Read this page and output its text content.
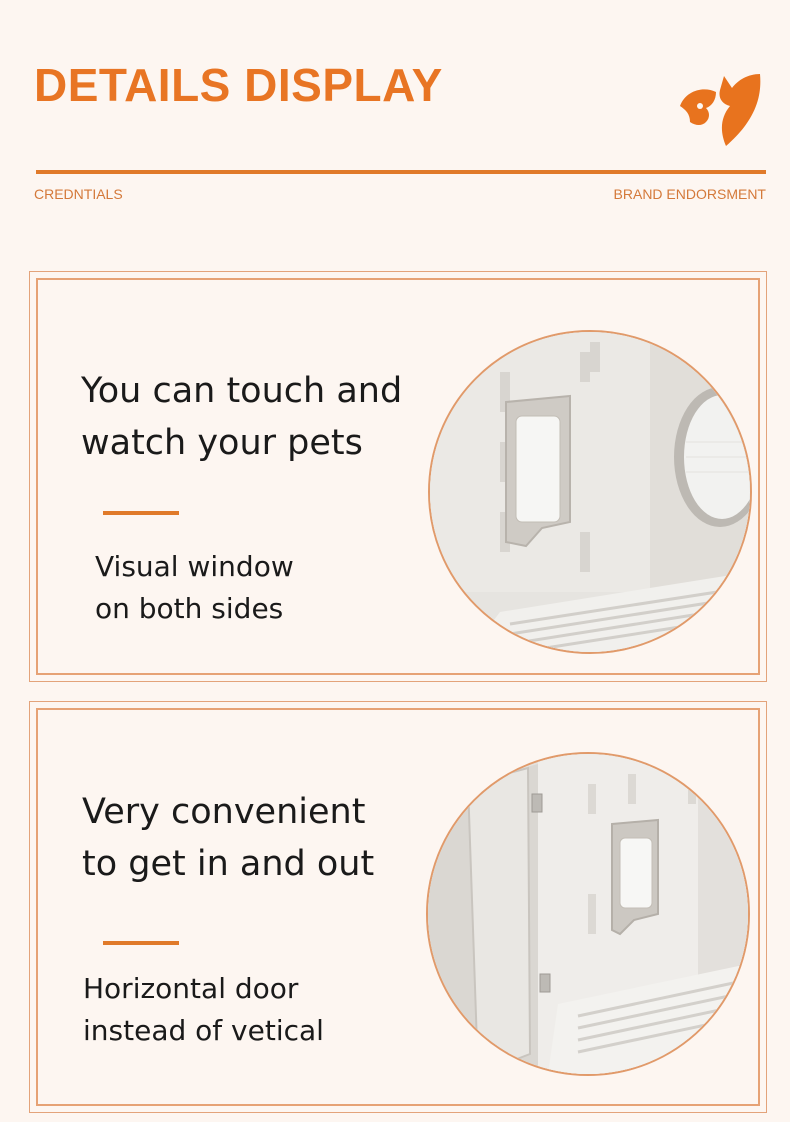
DETAILS DISPLAY
CREDNTIALS	BRAND ENDORSMENT

You can touch and
watch your pets

Visual window
on both sides

Very convenient
to get in and out

Horizontal door
instead of vetical
